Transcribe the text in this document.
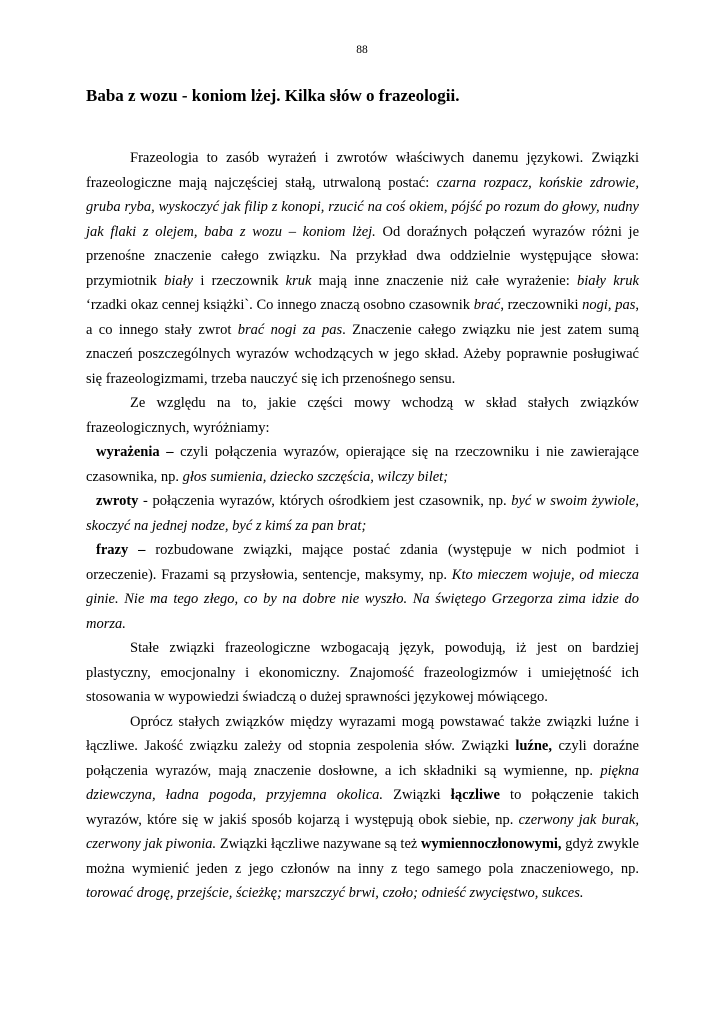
88
Baba z wozu - koniom lżej. Kilka słów o frazeologii.

Frazeologia to zasób wyrażeń i zwrotów właściwych danemu językowi. Związki frazeologiczne mają najczęściej stałą, utrwaloną postać: czarna rozpacz, końskie zdrowie, gruba ryba, wyskoczyć jak filip z konopi, rzucić na coś okiem, pójść po rozum do głowy, nudny jak flaki z olejem, baba z wozu – koniom lżej. Od doraźnych połączeń wyrazów różni je przenośne znaczenie całego związku. Na przykład dwa oddzielnie występujące słowa: przymiotnik biały i rzeczownik kruk mają inne znaczenie niż całe wyrażenie: biały kruk ‘rzadki okaz cennej książki`. Co innego znaczą osobno czasownik brać, rzeczowniki nogi, pas, a co innego stały zwrot brać nogi za pas. Znaczenie całego związku nie jest zatem sumą znaczeń poszczególnych wyrazów wchodzących w jego skład. Ażeby poprawnie posługiwać się frazeologizmami, trzeba nauczyć się ich przenośnego sensu.

Ze względu na to, jakie części mowy wchodzą w skład stałych związków frazeologicznych, wyróżniamy:

wyrażenia – czyli połączenia wyrazów, opierające się na rzeczowniku i nie zawierające czasownika, np. głos sumienia, dziecko szczęścia, wilczy bilet;

zwroty - połączenia wyrazów, których ośrodkiem jest czasownik, np. być w swoim żywiole, skoczyć na jednej nodze, być z kimś za pan brat;

frazy – rozbudowane związki, mające postać zdania (występuje w nich podmiot i orzeczenie). Frazami są przysłowia, sentencje, maksymy, np. Kto mieczem wojuje, od miecza ginie. Nie ma tego złego, co by na dobre nie wyszło. Na świętego Grzegorza zima idzie do morza.

Stałe związki frazeologiczne wzbogacają język, powodują, iż jest on bardziej plastyczny, emocjonalny i ekonomiczny. Znajomość frazeologizmów i umiejętność ich stosowania w wypowiedzi świadczą o dużej sprawności językowej mówiącego.

Oprócz stałych związków między wyrazami mogą powstawać także związki luźne i łączliwe. Jakość związku zależy od stopnia zespolenia słów. Związki luźne, czyli doraźne połączenia wyrazów, mają znaczenie dosłowne, a ich składniki są wymienne, np. piękna dziewczyna, ładna pogoda, przyjemna okolica. Związki łączliwe to połączenie takich wyrazów, które się w jakiś sposób kojarzą i występują obok siebie, np. czerwony jak burak, czerwony jak piwonia. Związki łączliwe nazywane są też wymiennoczłonowymi, gdyż zwykle można wymienić jeden z jego członów na inny z tego samego pola znaczeniowego, np. torować drogę, przejście, ścieżkę; marszczyć brwi, czoło; odnieść zwycięstwo, sukces.
